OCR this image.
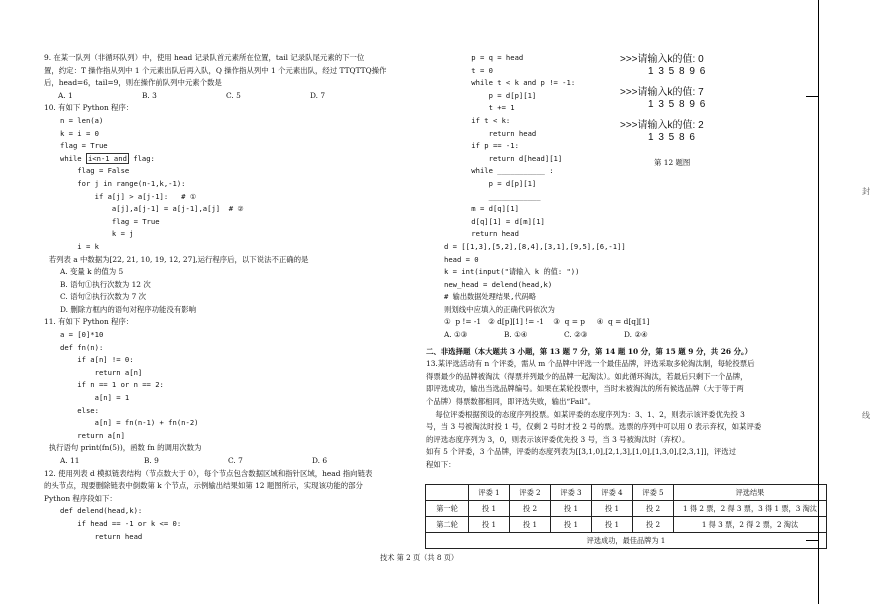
9. 在某一队列（非循环队列）中，使用 head 记录队首元素所在位置，tail 记录队尾元素的下一位
置，约定：T 操作指从列中 1 个元素出队后再入队，Q 操作指从列中 1 个元素出队，经过 TTQTTQ操作
后，head=6，tail=9，则在操作前队列中元素个数是
A. 1	B. 3	C. 5	D. 7
10. 有如下 Python 程序：
n = len(a)
k = i = 0
flag = True
while i<n-1 and flag:
flag = False
for j in range(n-1,k,-1):
if a[j] > a[j-1]:   # ①
a[j],a[j-1] = a[j-1],a[j]  # ②
flag = True
k = j
i = k
若列表 a 中数据为[22, 21, 10, 19, 12, 27],运行程序后，以下说法不正确的是
A. 变量 k 的值为 5
B. 语句①执行次数为 12 次
C. 语句②执行次数为 7 次
D. 删除方框内的语句对程序功能没有影响
11. 有如下 Python 程序：
a = [0]*10
def fn(n):
if a[n] != 0:
return a[n]
if n == 1 or n == 2:
a[n] = 1
else:
a[n] = fn(n-1) + fn(n-2)
return a[n]
执行语句 print(fn(5))，函数 fn 的调用次数为
A. 11	B. 9	C. 7	D. 6
12. 使用列表 d 模拟链表结构（节点数大于 0），每个节点包含数据区域和指针区域，head 指向链表
的头节点，现要删除链表中倒数第 k 个节点，示例输出结果如第 12 题图所示，实现该功能的部分
Python 程序段如下：
def delend(head,k):
if head == -1 or k <= 0:
return head
p = q = head
t = 0
while t < k and p != -1:
p = d[p][1]
t += 1
if t < k:
return head
if p == -1:
return d[head][1]
while ___________ :
p = d[p][1]
____________
m = d[q][1]
d[q][1] = d[m][1]
return head
d = [[1,3],[5,2],[8,4],[3,1],[9,5],[6,-1]]
head = 0
k = int(input("请输入 k 的值: "))
new_head = delend(head,k)
# 输出数据处理结果,代码略
则划线中应填入的正确代码依次为
①  p != -1   ② d[p][1] != -1    ③  q = p     ④  q = d[q][1]
A. ①③	B. ①④	C. ②③	D. ②④
二、非选择题（本大题共 3 小题，第 13 题 7 分，第 14 题 10 分，第 15 题 9 分，共 26 分。）
13.某评选活动有 n 个评委，需从 m 个品牌中评选一个最佳品牌，评选采取多轮淘汰制，每轮投票后
得票最少的品牌被淘汰（得票并列最少的品牌一起淘汰）。如此循环淘汰，若最后只剩下一个品牌，
即评选成功，输出当选品牌编号。如果在某轮投票中，当时未被淘汰的所有候选品牌（大于等于两
个品牌）得票数都相同，即评选失败，输出“Fail”。
每位评委根据预设的态度序列投票。如某评委的态度序列为：3、1、2，则表示该评委优先投 3
号，当 3 号被淘汰时投 1 号，仅剩 2 号时才投 2 号的票。选票的序列中可以用 0 表示弃权，如某评委
的评选态度序列为 3，0，则表示该评委优先投 3 号，当 3 号被淘汰时（弃权）。
如有 5 个评委，3 个品牌，评委的态度列表为[[3,1,0],[2,1,3],[1,0],[1,3,0],[2,3,1]]，评选过
程如下：
>>>请输入k的值: 0
1 3 5 8 9 6
>>>请输入k的值: 7
1 3 5 8 9 6
>>>请输入k的值: 2
1 3 5 8 6
第 12 题图
	评委 1	评委 2	评委 3	评委 4	评委 5	评选结果
第一轮	投 1	投 2	投 1	投 1	投 2	1 得 2 票，2 得 3 票，3 得 1 票，3 淘汰
第二轮	投 1	投 1	投 1	投 1	投 2	1 得 3 票，2 得 2 票，2 淘汰
评选成功，最佳品牌为 1						
技术 第 2 页（共 8 页）
封
线
